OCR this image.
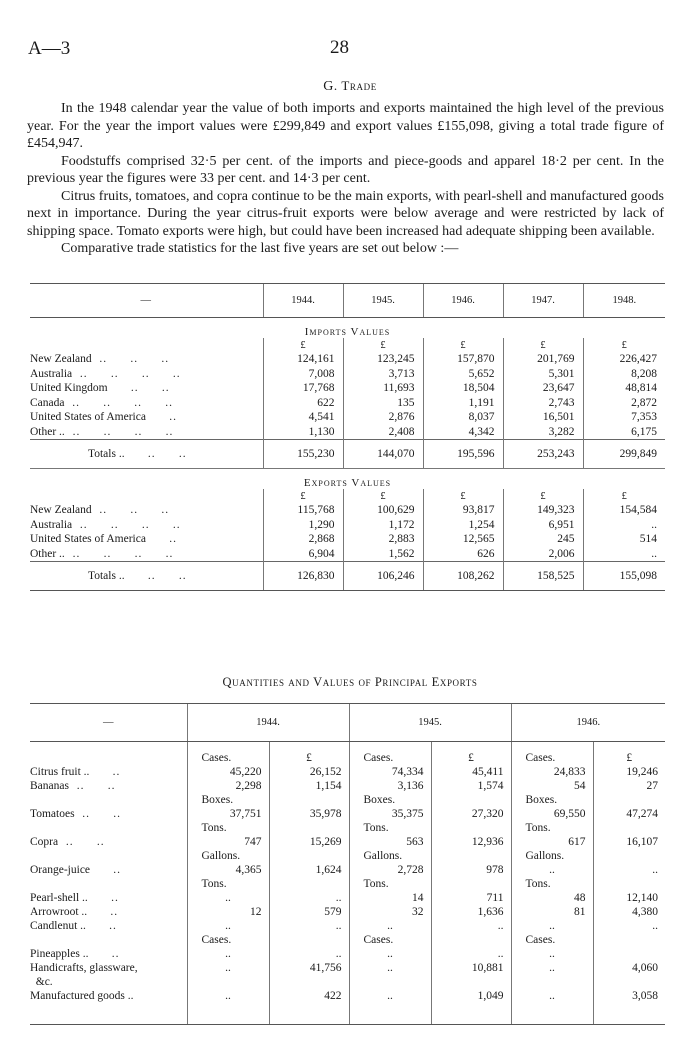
A—3	28
G. Trade

In the 1948 calendar year the value of both imports and exports maintained the high level of the previous year. For the year the import values were £299,849 and export values £155,098, giving a total trade figure of £454,947.

Foodstuffs comprised 32·5 per cent. of the imports and piece-goods and apparel 18·2 per cent. In the previous year the figures were 33 per cent. and 14·3 per cent.

Citrus fruits, tomatoes, and copra continue to be the main exports, with pearl-shell and manufactured goods next in importance. During the year citrus-fruit exports were below average and were restricted by lack of shipping space. Tomato exports were high, but could have been increased had adequate shipping been available.

Comparative trade statistics for the last five years are set out below :—

—	1944.	1945.	1946.	1947.	1948.
Imports Values					
	£	£	£	£	£
New Zealand  ..      ..      ..	124,161	123,245	157,870	201,769	226,427
Australia  ..      ..      ..      ..	7,008	3,713	5,652	5,301	8,208
United Kingdom      ..      ..	17,768	11,693	18,504	23,647	48,814
Canada  ..      ..      ..      ..	622	135	1,191	2,743	2,872
United States of America      ..	4,541	2,876	8,037	16,501	7,353
Other ..  ..      ..      ..      ..	1,130	2,408	4,342	3,282	6,175
Totals ..      ..      ..	155,230	144,070	195,596	253,243	299,849
Exports Values					
	£	£	£	£	£
New Zealand  ..      ..      ..	115,768	100,629	93,817	149,323	154,584
Australia  ..      ..      ..      ..	1,290	1,172	1,254	6,951	..
United States of America      ..	2,868	2,883	12,565	245	514
Other ..  ..      ..      ..      ..	6,904	1,562	626	2,006	..
Totals ..      ..      ..	126,830	106,246	108,262	158,525	155,098
Quantities and Values of Principal Exports
—	1944.		1945.		1946.	

	Cases.	£	Cases.	£	Cases.	£
Citrus fruit ..      ..	45,220	26,152	74,334	45,411	24,833	19,246
Bananas  ..      ..	2,298	1,154	3,136	1,574	54	27
	Boxes.		Boxes.		Boxes.	
Tomatoes  ..      ..	37,751	35,978	35,375	27,320	69,550	47,274
	Tons.		Tons.		Tons.	
Copra  ..      ..	747	15,269	563	12,936	617	16,107
	Gallons.		Gallons.		Gallons.	
Orange-juice      ..	4,365	1,624	2,728	978	..	..
	Tons.		Tons.		Tons.	
Pearl-shell ..      ..	..	..	14	711	48	12,140
Arrowroot ..      ..	12	579	32	1,636	81	4,380
Candlenut ..      ..	..	..	..	..	..	..
	Cases.		Cases.		Cases.	
Pineapples ..      ..	..	..	..	..	..	
Handicrafts, glassware,	..	41,756	..	10,881	..	4,060
&c.						
Manufactured goods ..	..	422	..	1,049	..	3,058
